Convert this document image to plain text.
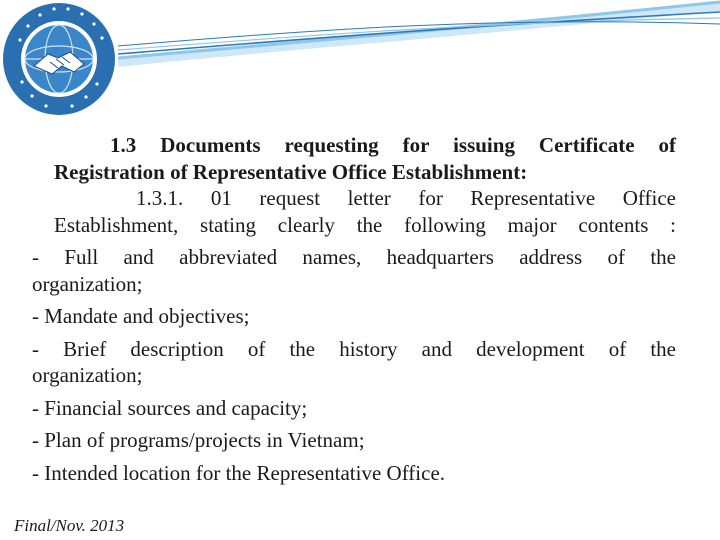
1.3 Documents requesting for issuing Certificate of

Registration of Representative Office Establishment:

1.3.1. 01 request letter for Representative Office

Establishment, stating clearly the following major contents :

- Full and abbreviated names, headquarters address of the

organization;

- Mandate and objectives;

- Brief description of the history and development of the

organization;

- Financial sources and capacity;

- Plan of programs/projects in Vietnam;

- Intended location for the Representative Office.

Final/Nov. 2013
